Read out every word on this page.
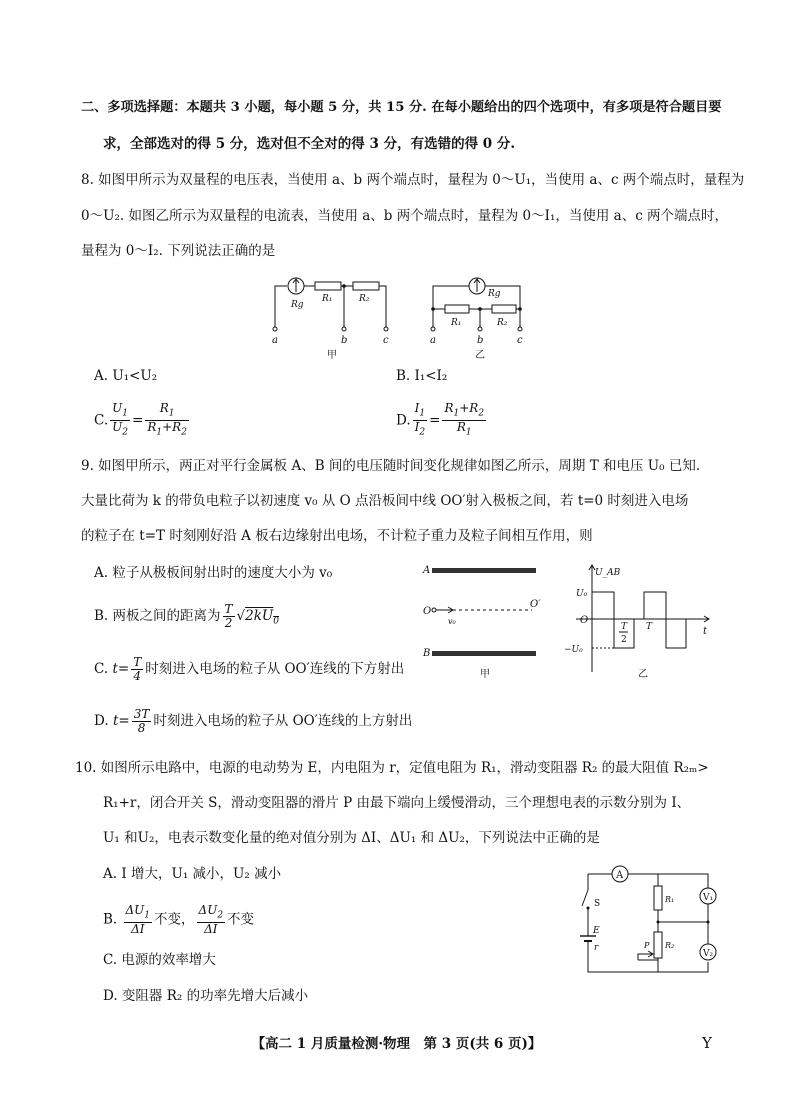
二、多项选择题：本题共 3 小题，每小题 5 分，共 15 分. 在每小题给出的四个选项中，有多项是符合题目要
求，全部选对的得 5 分，选对但不全对的得 3 分，有选错的得 0 分.
8. 如图甲所示为双量程的电压表，当使用 a、b 两个端点时，量程为 0～U₁，当使用 a、c 两个端点时，量程为
0～U₂. 如图乙所示为双量程的电流表，当使用 a、b 两个端点时，量程为 0～I₁，当使用 a、c 两个端点时，
量程为 0～I₂. 下列说法正确的是
Rg
R₁	R₂
a	b	c
甲
Rg
R₁	R₂
a	b	c
乙
A. U₁<U₂	B. I₁<I₂
C. $\frac{U_1}{U_2} = \frac{R_1}{R_1+R_2}$	D. $\frac{I_1}{I_2} = \frac{R_1+R_2}{R_1}$
9. 如图甲所示，两正对平行金属板 A、B 间的电压随时间变化规律如图乙所示，周期 T 和电压 U₀ 已知.
大量比荷为 k 的带负电粒子以初速度 v₀ 从 O 点沿板间中线 OO′射入极板之间，若 t=0 时刻进入电场
的粒子在 t=T 时刻刚好沿 A 板右边缘射出电场，不计粒子重力及粒子间相互作用，则
A. 粒子从极板间射出时的速度大小为 v₀
B. 两板之间的距离为 $\frac{T}{2} √2kU_0$
C. $t= \frac{T}{4}$ 时刻进入电场的粒子从 OO′连线的下方射出
D. $t= \frac{3T}{8}$ 时刻进入电场的粒子从 OO′连线的上方射出
A
B
O
O′
v₀
甲
U_AB
U₀
−U₀
O
T
2
T	t
乙
10. 如图所示电路中，电源的电动势为 E，内电阻为 r，定值电阻为 R₁，滑动变阻器 R₂ 的最大阻值 R₂ₘ>
R₁+r，闭合开关 S，滑动变阻器的滑片 P 由最下端向上缓慢滑动，三个理想电表的示数分别为 I、
U₁ 和U₂，电表示数变化量的绝对值分别为 ΔI、ΔU₁ 和 ΔU₂，下列说法中正确的是
A. I 增大，U₁ 减小，U₂ 减小
B. $\frac{\Delta U_1}{\Delta I}$ 不变， $\frac{\Delta U_2}{\Delta I}$ 不变
C. 电源的效率增大
D. 变阻器 R₂ 的功率先增大后减小
A
S
E
r
R₁
R₂
P
V₁
V₂
【高二 1 月质量检测·物理　第 3 页(共 6 页)】	Y
